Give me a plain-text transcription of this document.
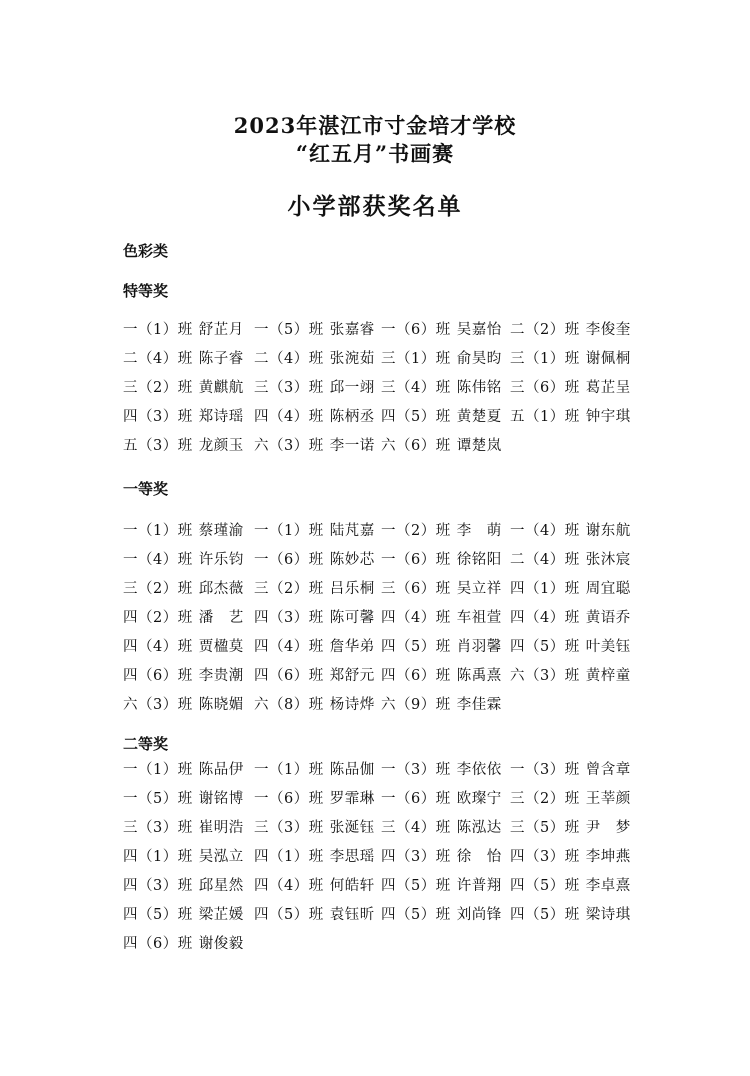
2023年湛江市寸金培才学校
“红五月”书画赛
小学部获奖名单
色彩类
特等奖
一（1）班 舒芷月 一（5）班 张嘉睿 一（6）班 吴嘉怡 二（2）班 李俊奎
二（4）班 陈子睿 二（4）班 张涴茹 三（1）班 俞昊昀 三（1）班 谢佩桐
三（2）班 黄麒航 三（3）班 邱一翊 三（4）班 陈伟铭 三（6）班 葛芷呈
四（3）班 郑诗瑶 四（4）班 陈柄丞 四（5）班 黄楚夏 五（1）班 钟宇琪
五（3）班 龙颜玉 六（3）班 李一诺 六（6）班 谭楚岚
一等奖
一（1）班 蔡瑾渝 一（1）班 陆芃嘉 一（2）班 李　萌 一（4）班 谢东航
一（4）班 许乐钧 一（6）班 陈妙芯 一（6）班 徐铭阳 二（4）班 张沐宸
三（2）班 邱杰薇 三（2）班 吕乐桐 三（6）班 吴立祥 四（1）班 周宜聪
四（2）班 潘　艺 四（3）班 陈可馨 四（4）班 车祖萱 四（4）班 黄语乔
四（4）班 贾楹莫 四（4）班 詹华弟 四（5）班 肖羽馨 四（5）班 叶美钰
四（6）班 李贵潮 四（6）班 郑舒元 四（6）班 陈禹熹 六（3）班 黄梓童
六（3）班 陈晓媚 六（8）班 杨诗烨 六（9）班 李佳霖
二等奖
一（1）班 陈品伊 一（1）班 陈品伽 一（3）班 李依依 一（3）班 曾含章
一（5）班 谢铭博 一（6）班 罗霏琳 一（6）班 欧璨宁 三（2）班 王莘颜
三（3）班 崔明浩 三（3）班 张涎钰 三（4）班 陈泓达 三（5）班 尹　梦
四（1）班 吴泓立 四（1）班 李思瑶 四（3）班 徐　怡 四（3）班 李坤燕
四（3）班 邱星然 四（4）班 何皓轩 四（5）班 许普翔 四（5）班 李卓熹
四（5）班 梁芷媛 四（5）班 袁钰昕 四（5）班 刘尚锋 四（5）班 梁诗琪
四（6）班 谢俊毅
